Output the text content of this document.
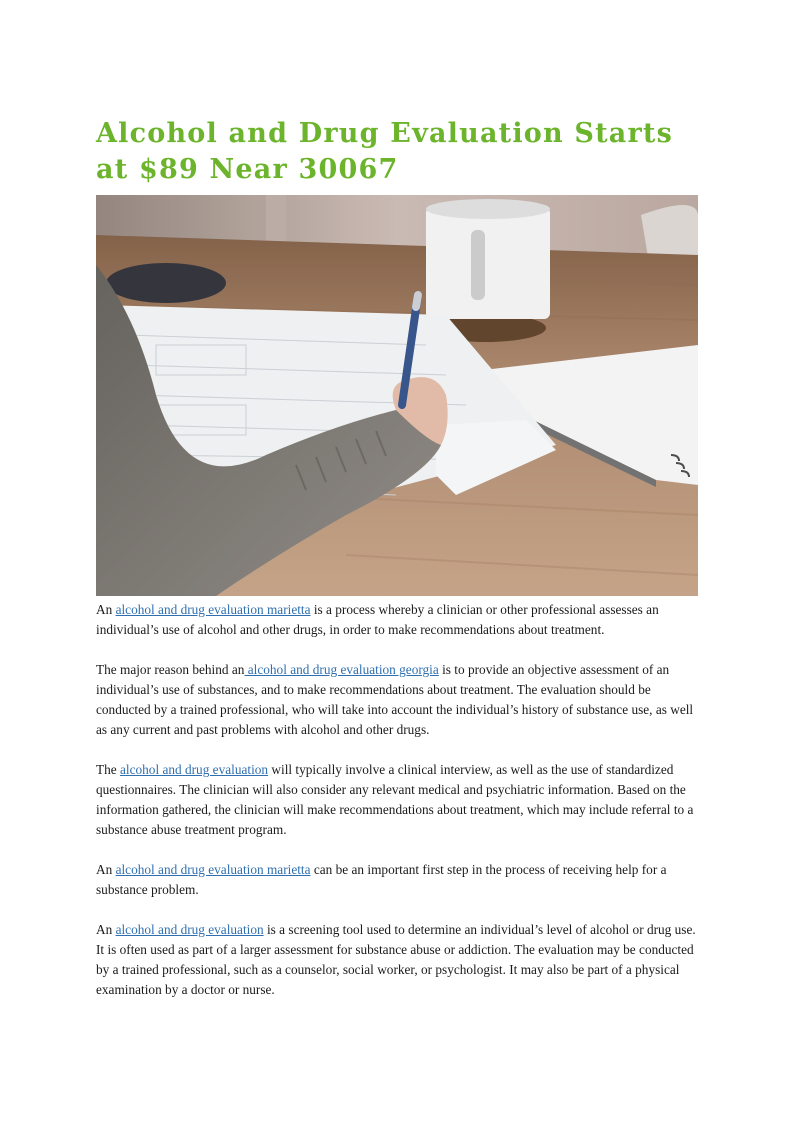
Alcohol and Drug Evaluation Starts at $89 Near 30067

An alcohol and drug evaluation marietta is a process whereby a clinician or other professional assesses an individual’s use of alcohol and other drugs, in order to make recommendations about treatment.

The major reason behind an alcohol and drug evaluation georgia is to provide an objective assessment of an individual’s use of substances, and to make recommendations about treatment. The evaluation should be conducted by a trained professional, who will take into account the individual’s history of substance use, as well as any current and past problems with alcohol and other drugs.

The alcohol and drug evaluation will typically involve a clinical interview, as well as the use of standardized questionnaires. The clinician will also consider any relevant medical and psychiatric information. Based on the information gathered, the clinician will make recommendations about treatment, which may include referral to a substance abuse treatment program.

An alcohol and drug evaluation marietta can be an important first step in the process of receiving help for a substance problem.

An alcohol and drug evaluation is a screening tool used to determine an individual’s level of alcohol or drug use. It is often used as part of a larger assessment for substance abuse or addiction. The evaluation may be conducted by a trained professional, such as a counselor, social worker, or psychologist. It may also be part of a physical examination by a doctor or nurse.
